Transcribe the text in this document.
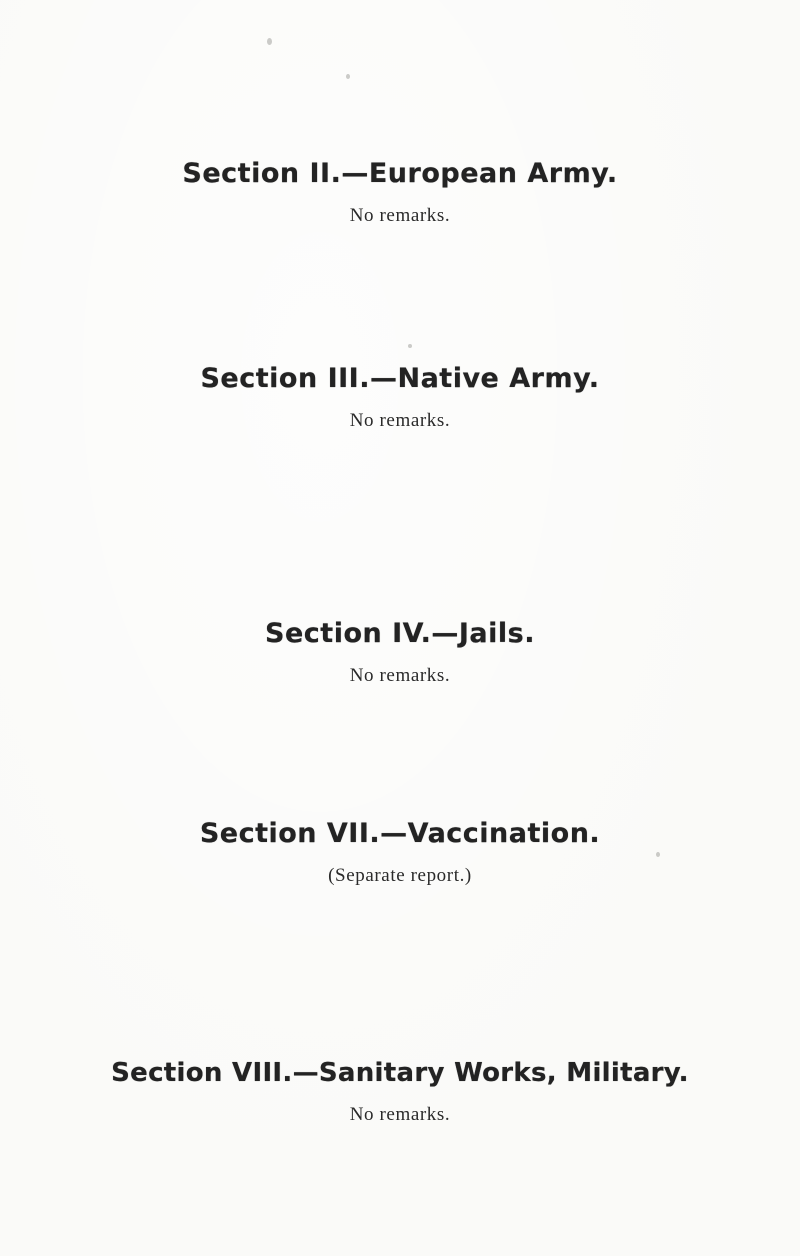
Section II.—European Army.
No remarks.
Section III.—Native Army.
No remarks.
Section IV.—Jails.
No remarks.
Section VII.—Vaccination.
(Separate report.)
Section VIII.—Sanitary Works, Military.
No remarks.
